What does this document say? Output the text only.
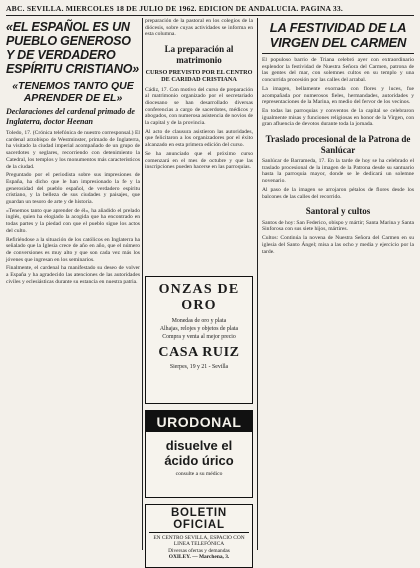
ABC. SEVILLA. MIERCOLES 18 DE JULIO DE 1962. EDICION DE ANDALUCIA. PAGINA 33.
«EL ESPAÑOL ES UN PUEBLO GENEROSO Y DE VERDADERO ESPÍRITU CRISTIANO»
«TENEMOS TANTO QUE APRENDER DE EL»
Declaraciones del cardenal primado de Inglaterra, doctor Heenan

Toledo, 17. (Crónica telefónica de nuestro corresponsal.) El cardenal arzobispo de Westminster, primado de Inglaterra, ha visitado la ciudad imperial acompañado de un grupo de sacerdotes y seglares, recorriendo con detenimiento la Catedral, los templos y los monumentos más característicos de la ciudad.

Preguntado por el periodista sobre sus impresiones de España, ha dicho que le han impresionado la fe y la generosidad del pueblo español, de verdadero espíritu cristiano, y la belleza de sus ciudades y paisajes, que guardan un tesoro de arte y de historia.

«Tenemos tanto que aprender de él», ha añadido el prelado inglés, quien ha elogiado la acogida que ha encontrado en todas partes y la piedad con que el pueblo sigue los actos del culto.

Refiriéndose a la situación de los católicos en Inglaterra ha señalado que la Iglesia crece de año en año, que el número de conversiones es muy alto y que son cada vez más los jóvenes que ingresan en los seminarios.

Finalmente, el cardenal ha manifestado su deseo de volver a España y ha agradecido las atenciones de las autoridades civiles y eclesiásticas durante su estancia en nuestra patria.

preparación de la pastoral en los colegios de la diócesis, sobre cuyas actividades se informa en esta columna.

La preparación al matrimonio
CURSO PREVISTO POR EL CENTRO DE CARIDAD CRISTIANA

Cádiz, 17. Con motivo del curso de preparación al matrimonio organizado por el secretariado diocesano se han desarrollado diversas conferencias a cargo de sacerdotes, médicos y abogados, con numerosa asistencia de novios de la capital y de la provincia.

Al acto de clausura asistieron las autoridades, que felicitaron a los organizadores por el éxito alcanzado en esta primera edición del curso.

Se ha anunciado que el próximo curso comenzará en el mes de octubre y que las inscripciones pueden hacerse en las parroquias.

ONZAS DE ORO
Monedas de oro y plata
Alhajas, relojes y objetos de plata
Compra y venta al mejor precio
CASA RUIZ
Sierpes, 19 y 21 - Sevilla
URODONAL
disuelve el
ácido úrico
consulte a su médico
BOLETIN OFICIAL
EN CENTRO SEVILLA, ESPACIO CON LINEA TELEFÓNICA
Diversas ofertas y demandas
OXILEY. — Marchena, 3.
LA FESTIVIDAD DE LA VIRGEN DEL CARMEN

El populoso barrio de Triana celebró ayer con extraordinario esplendor la festividad de Nuestra Señora del Carmen, patrona de las gentes del mar, con solemnes cultos en su templo y una concurrida procesión por las calles del arrabal.

La imagen, bellamente exornada con flores y luces, fue acompañada por numerosos fieles, hermandades, autoridades y representaciones de la Marina, en medio del fervor de los vecinos.

En todas las parroquias y conventos de la capital se celebraron igualmente misas y funciones religiosas en honor de la Virgen, con gran afluencia de devotos durante toda la jornada.

Traslado procesional de la Patrona de Sanlúcar

Sanlúcar de Barrameda, 17. En la tarde de hoy se ha celebrado el traslado procesional de la imagen de la Patrona desde su santuario hasta la parroquia mayor, donde se le dedicará un solemne novenario.

Al paso de la imagen se arrojaron pétalos de flores desde los balcones de las calles del recorrido.

Santoral y cultos

Santos de hoy: San Federico, obispo y mártir; Santa Marina y Santa Sinforosa con sus siete hijos, mártires.

Cultos: Continúa la novena de Nuestra Señora del Carmen en su iglesia del Santo Ángel; misa a las ocho y media y ejercicio por la tarde.
